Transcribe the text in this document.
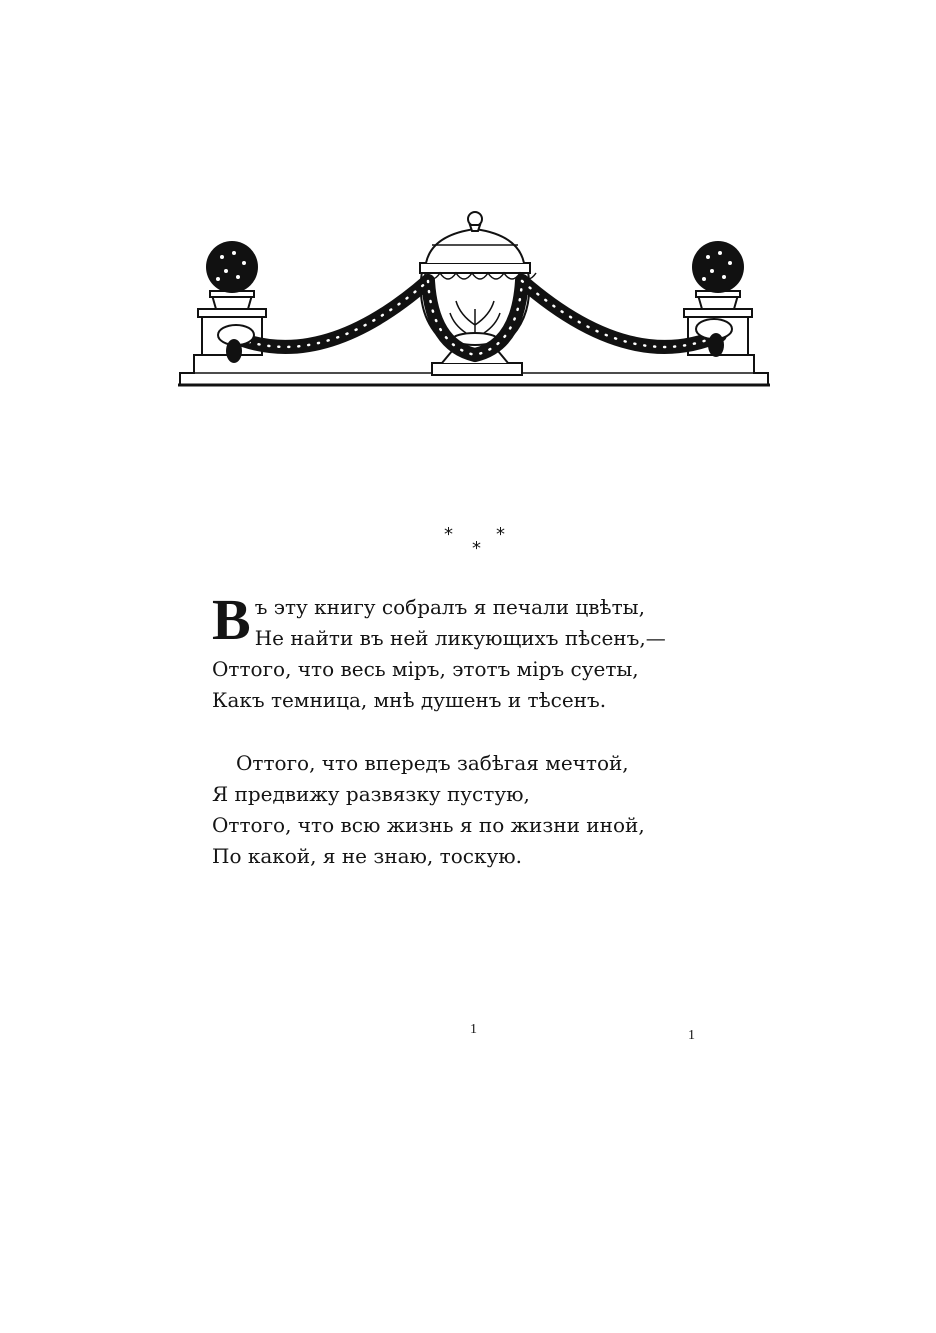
*
*
*
В ъ эту книгу собралъ я печали цвѣты,
Не найти въ ней ликующихъ пѣсенъ,—
Оттого, что весь міръ, этотъ міръ суеты,
Какъ темница, мнѣ душенъ и тѣсенъ.
Оттого, что впередъ забѣгая мечтой,
Я предвижу развязку пустую,
Оттого, что всю жизнь я по жизни иной,
По какой, я не знаю, тоскую.
1	1
